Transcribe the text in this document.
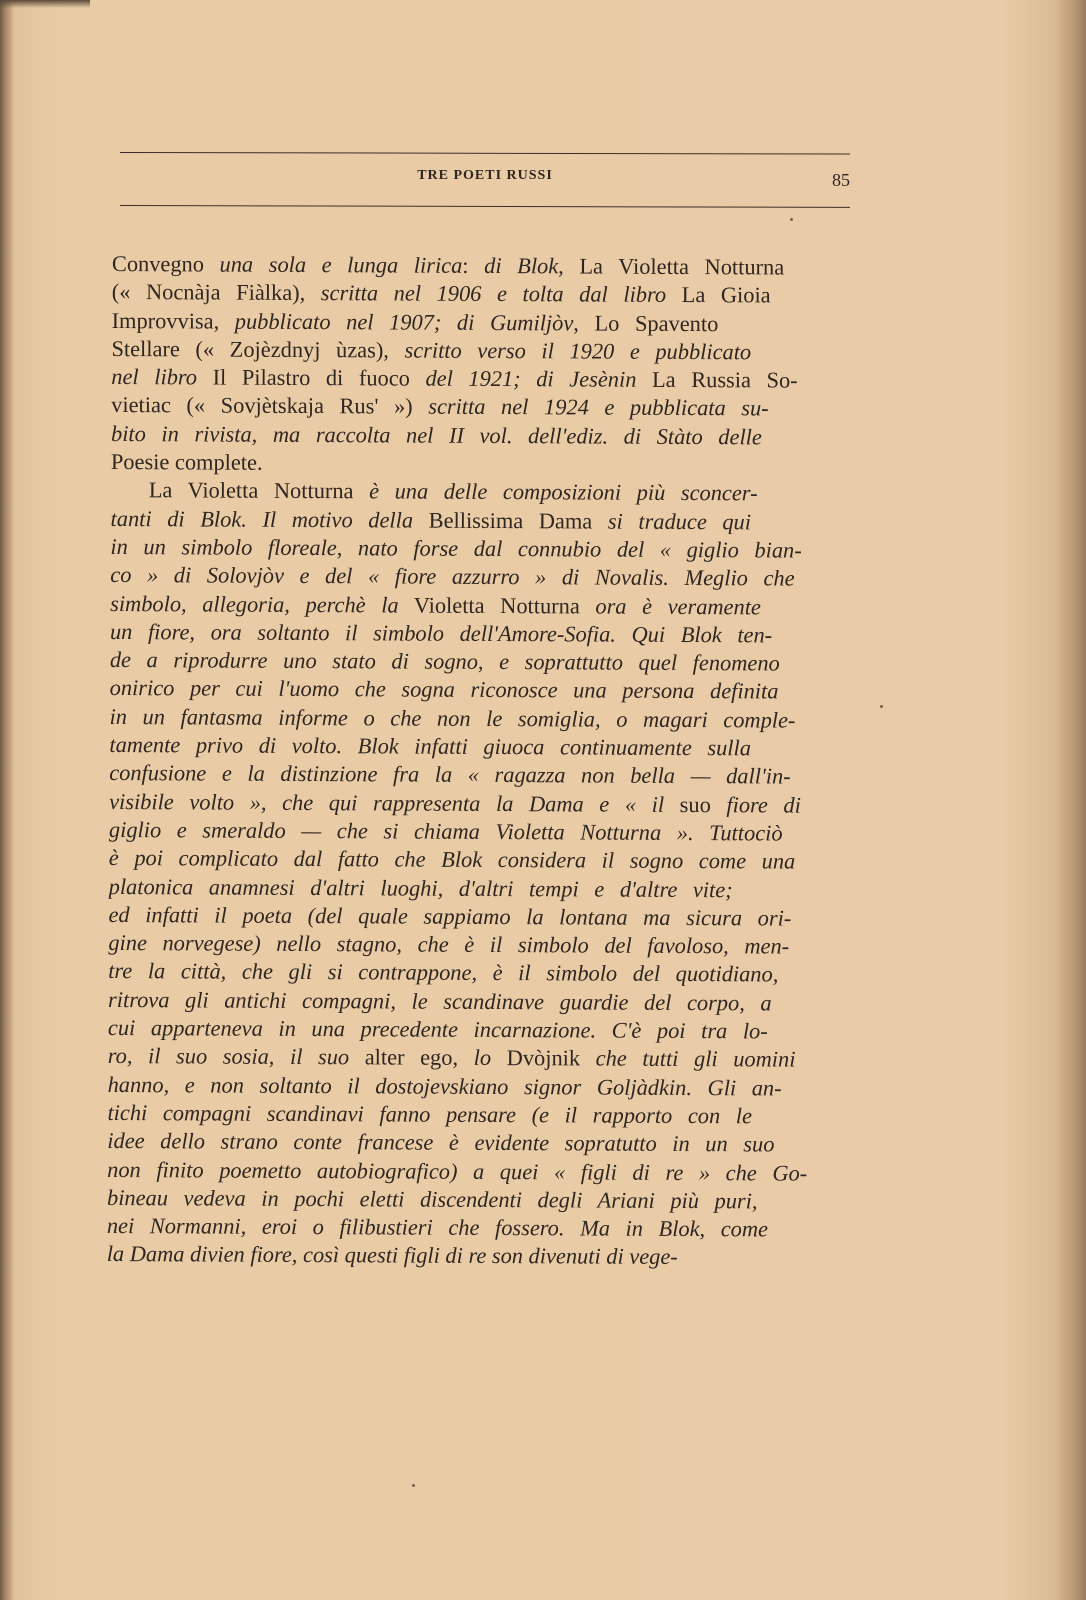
TRE POETI RUSSI	85
Convegno una sola e lunga lirica: di Blok, La Violetta Notturna
(« Nocnàja Fiàlka), scritta nel 1906 e tolta dal libro La Gioia
Improvvisa, pubblicato nel 1907; di Gumiljòv, Lo Spavento
Stellare (« Zojèzdnyj ùzas), scritto verso il 1920 e pubblicato
nel libro Il Pilastro di fuoco del 1921; di Jesènin La Russia So-
vietiac (« Sovjètskaja Rus' ») scritta nel 1924 e pubblicata su-
bito in rivista, ma raccolta nel II vol. dell'ediz. di Stàto delle
Poesie complete.
La Violetta Notturna è una delle composizioni più sconcer-
tanti di Blok. Il motivo della Bellissima Dama si traduce qui
in un simbolo floreale, nato forse dal connubio del « giglio bian-
co » di Solovjòv e del « fiore azzurro » di Novalis. Meglio che
simbolo, allegoria, perchè la Violetta Notturna ora è veramente
un fiore, ora soltanto il simbolo dell'Amore-Sofia. Qui Blok ten-
de a riprodurre uno stato di sogno, e soprattutto quel fenomeno
onirico per cui l'uomo che sogna riconosce una persona definita
in un fantasma informe o che non le somiglia, o magari comple-
tamente privo di volto. Blok infatti giuoca continuamente sulla
confusione e la distinzione fra la « ragazza non bella — dall'in-
visibile volto », che qui rappresenta la Dama e « il suo fiore di
giglio e smeraldo — che si chiama Violetta Notturna ». Tuttociò
è poi complicato dal fatto che Blok considera il sogno come una
platonica anamnesi d'altri luoghi, d'altri tempi e d'altre vite;
ed infatti il poeta (del quale sappiamo la lontana ma sicura ori-
gine norvegese) nello stagno, che è il simbolo del favoloso, men-
tre la città, che gli si contrappone, è il simbolo del quotidiano,
ritrova gli antichi compagni, le scandinave guardie del corpo, a
cui apparteneva in una precedente incarnazione. C'è poi tra lo-
ro, il suo sosia, il suo alter ego, lo Dvòjnik che tutti gli uomini
hanno, e non soltanto il dostojevskiano signor Goljàdkin. Gli an-
tichi compagni scandinavi fanno pensare (e il rapporto con le
idee dello strano conte francese è evidente sopratutto in un suo
non finito poemetto autobiografico) a quei « figli di re » che Go-
bineau vedeva in pochi eletti discendenti degli Ariani più puri,
nei Normanni, eroi o filibustieri che fossero. Ma in Blok, come
la Dama divien fiore, così questi figli di re son divenuti di vege-
